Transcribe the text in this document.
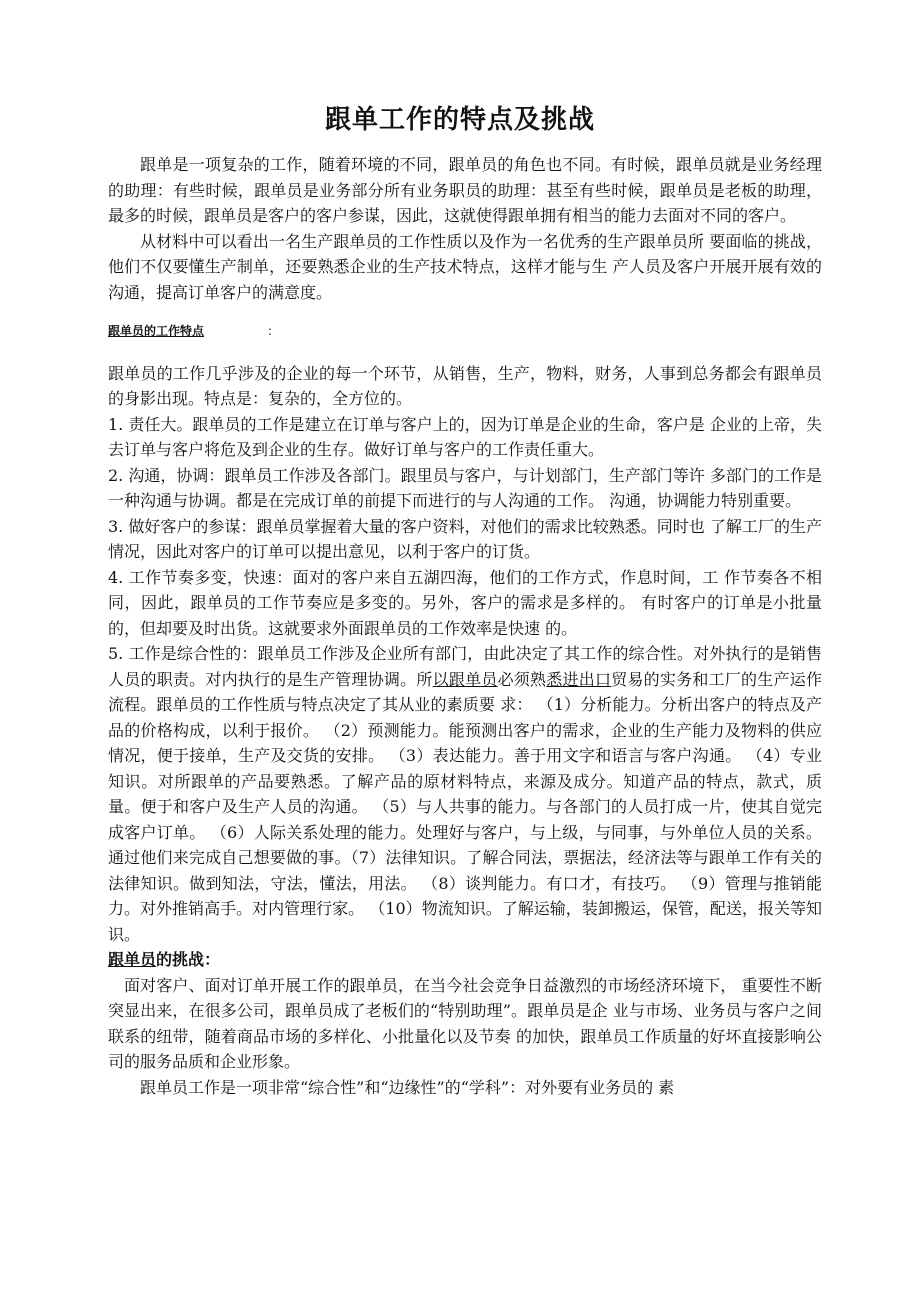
跟单工作的特点及挑战

跟单是一项复杂的工作，随着环境的不同，跟单员的角色也不同。有时候，跟单员就是业务经理的助理：有些时候，跟单员是业务部分所有业务职员的助理：甚至有些时候，跟单员是老板的助理，最多的时候，跟单员是客户的客户参谋，因此，这就使得跟单拥有相当的能力去面对不同的客户。

从材料中可以看出一名生产跟单员的工作性质以及作为一名优秀的生产跟单员所 要面临的挑战，他们不仅要懂生产制单，还要熟悉企业的生产技术特点，这样才能与生 产人员及客户开展开展有效的沟通，提高订单客户的满意度。

跟单员的工作特点	:

跟单员的工作几乎涉及的企业的每一个环节，从销售，生产，物料，财务，人事到总务都会有跟单员的身影出现。特点是：复杂的，全方位的。

1. 责任大。跟单员的工作是建立在订单与客户上的，因为订单是企业的生命，客户是 企业的上帝，失去订单与客户将危及到企业的生存。做好订单与客户的工作责任重大。

2. 沟通，协调：跟单员工作涉及各部门。跟里员与客户，与计划部门，生产部门等许 多部门的工作是一种沟通与协调。都是在完成订单的前提下而进行的与人沟通的工作。 沟通，协调能力特别重要。

3. 做好客户的参谋：跟单员掌握着大量的客户资料，对他们的需求比较熟悉。同时也 了解工厂的生产情况，因此对客户的订单可以提出意见，以利于客户的订货。

4. 工作节奏多变，快速：面对的客户来自五湖四海，他们的工作方式，作息时间，工 作节奏各不相同，因此，跟单员的工作节奏应是多变的。另外，客户的需求是多样的。 有时客户的订单是小批量的，但却要及时出货。这就要求外面跟单员的工作效率是快速 的。

5. 工作是综合性的：跟单员工作涉及企业所有部门，由此决定了其工作的综合性。对外执行的是销售人员的职责。对内执行的是生产管理协调。所以跟单员必须熟悉进出口贸易的实务和工厂的生产运作流程。跟单员的工作性质与特点决定了其从业的素质要 求： （1）分析能力。分析出客户的特点及产品的价格构成，以利于报价。 （2）预测能力。能预测出客户的需求，企业的生产能力及物料的供应情况，便于接单，生产及交货的安排。 （3）表达能力。善于用文字和语言与客户沟通。 （4）专业知识。对所跟单的产品要熟悉。了解产品的原材料特点，来源及成分。知道产品的特点，款式，质量。便于和客户及生产人员的沟通。 （5）与人共事的能力。与各部门的人员打成一片，使其自觉完成客户订单。 （6）人际关系处理的能力。处理好与客户，与上级，与同事，与外单位人员的关系。通过他们来完成自己想要做的事。（7）法律知识。了解合同法，票据法，经济法等与跟单工作有关的法律知识。做到知法，守法，懂法，用法。 （8）谈判能力。有口才，有技巧。 （9）管理与推销能力。对外推销高手。对内管理行家。 （10）物流知识。了解运输，装卸搬运，保管，配送，报关等知识。

跟单员的挑战：

面对客户、面对订单开展工作的跟单员，在当今社会竞争日益激烈的市场经济环境下， 重要性不断突显出来，在很多公司，跟单员成了老板们的“特别助理”。跟单员是企 业与市场、业务员与客户之间联系的纽带，随着商品市场的多样化、小批量化以及节奏 的加快，跟单员工作质量的好坏直接影响公司的服务品质和企业形象。

跟单员工作是一项非常“综合性”和“边缘性”的“学科”：对外要有业务员的 素
